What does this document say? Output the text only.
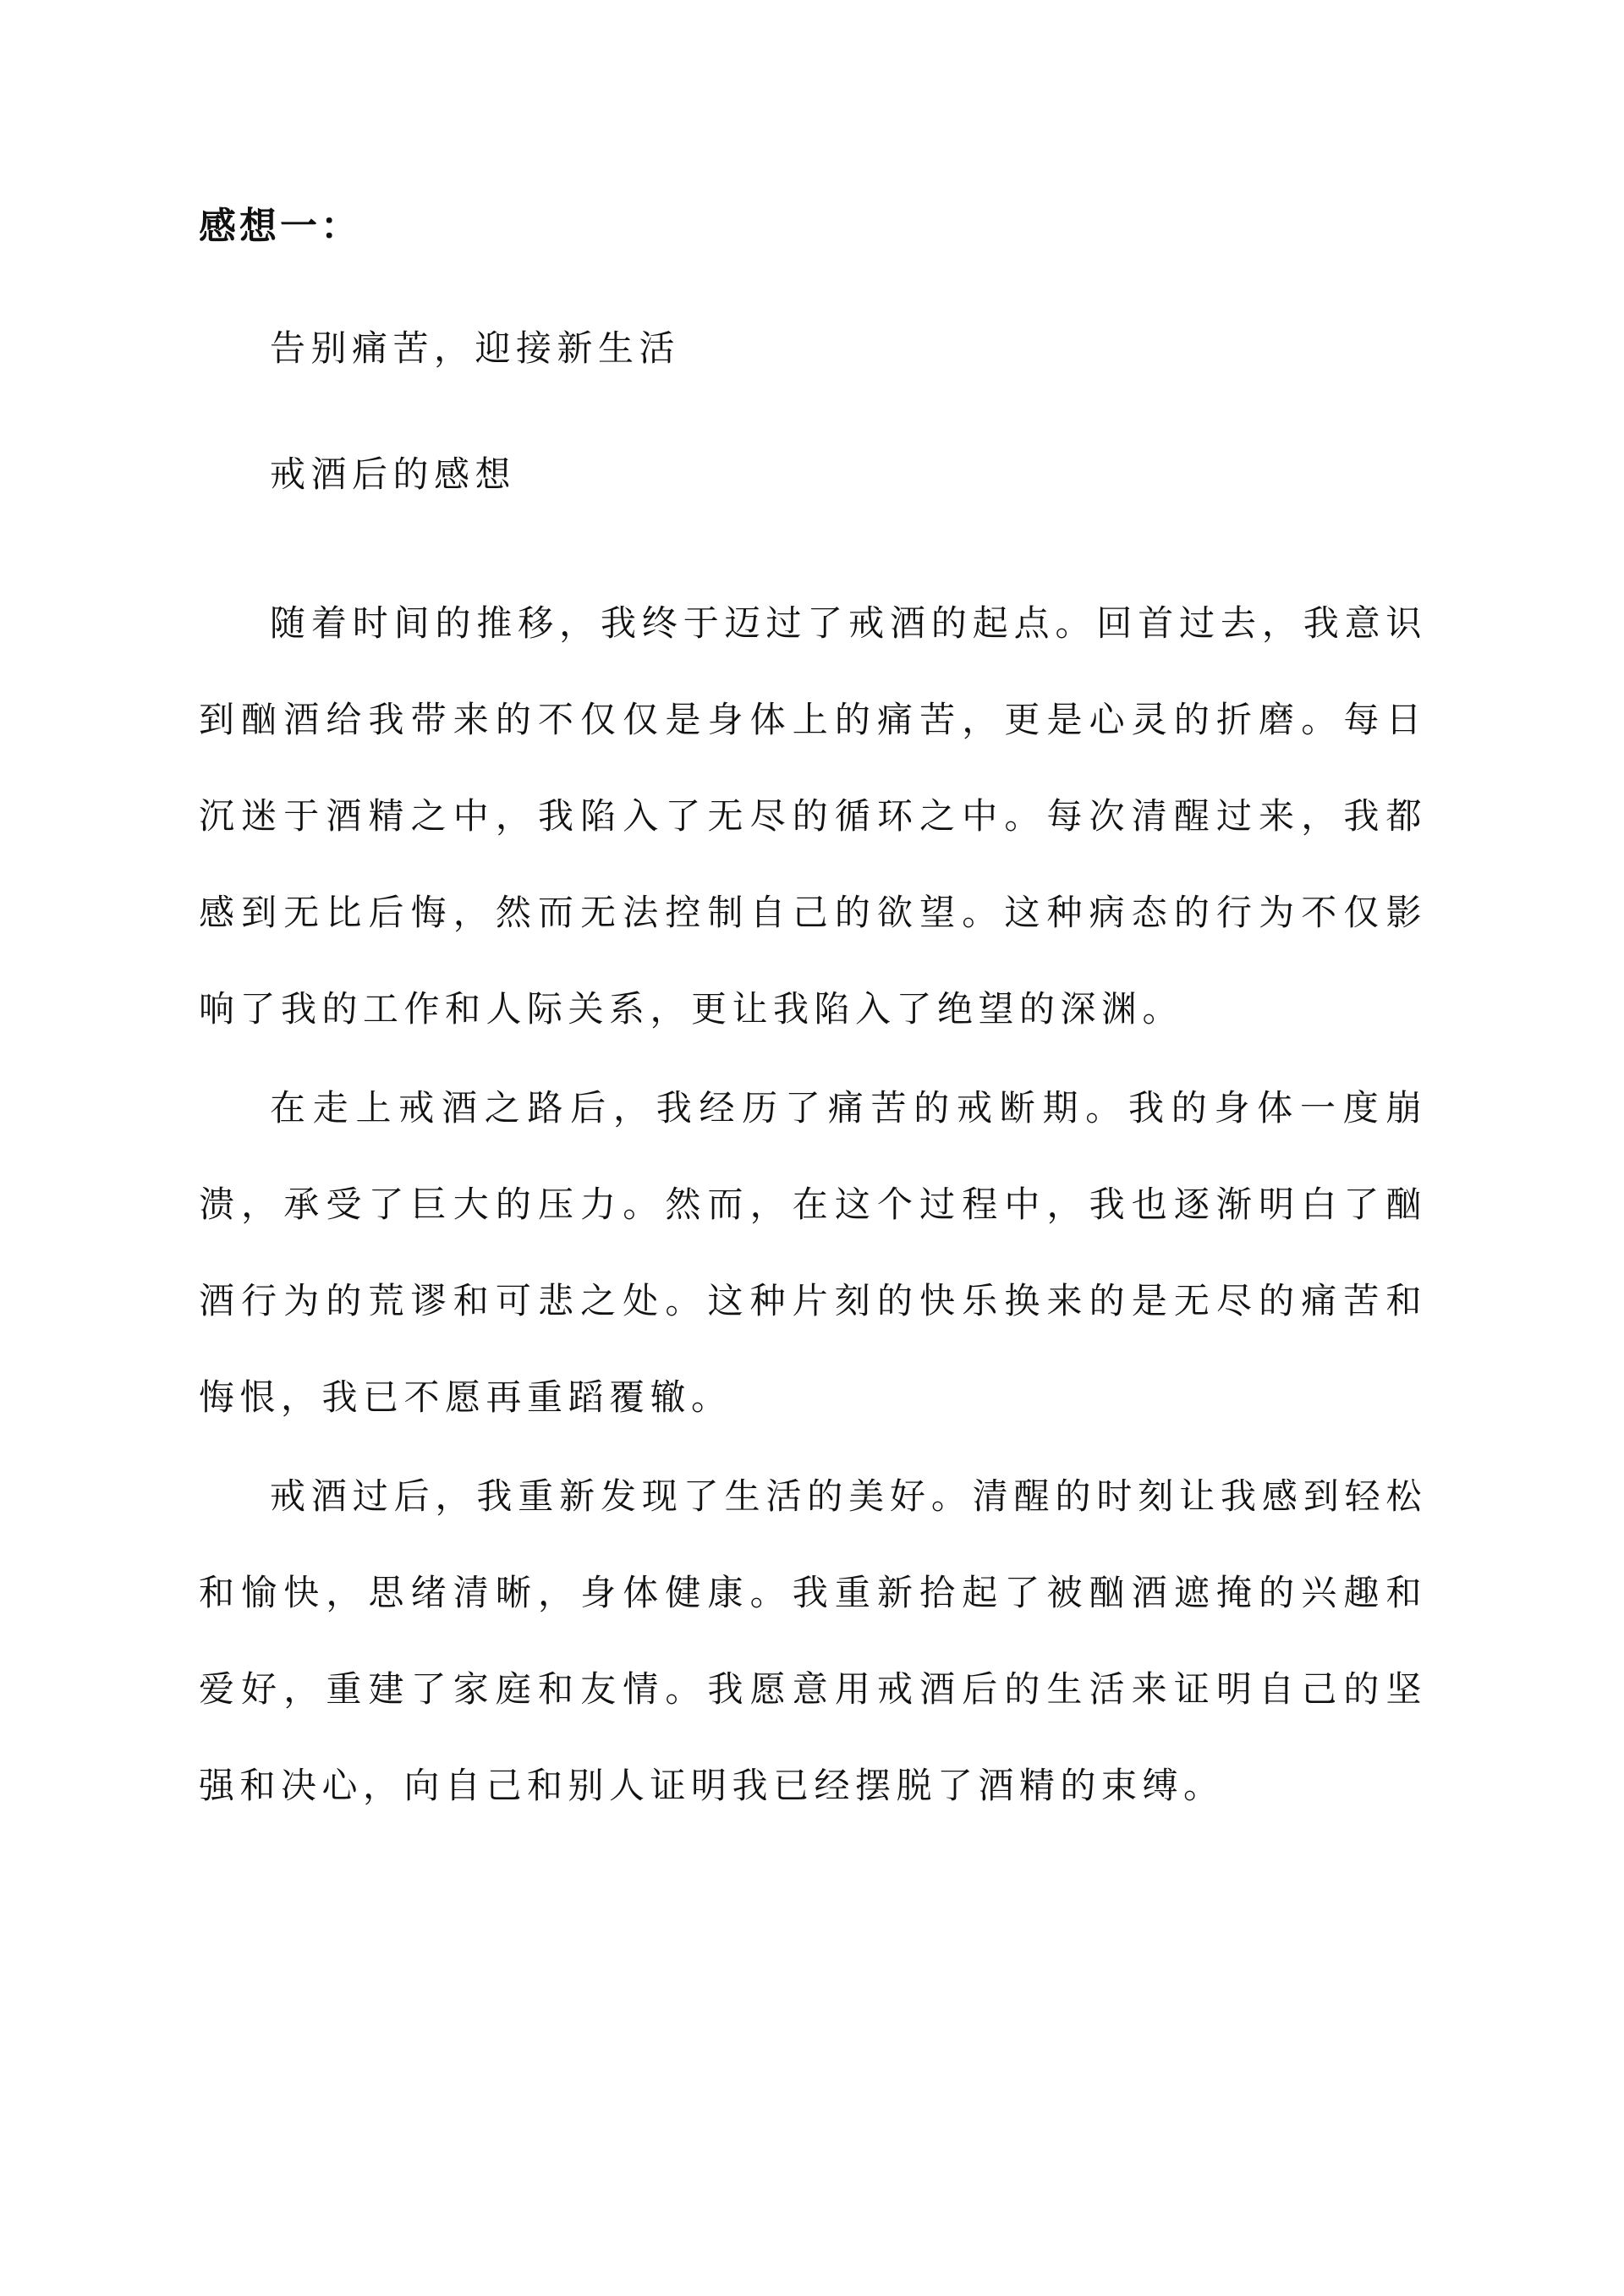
感想一：

告别痛苦，迎接新生活

戒酒后的感想

随着时间的推移，我终于迈过了戒酒的起点。回首过去，我意识到酗酒给我带来的不仅仅是身体上的痛苦，更是心灵的折磨。每日沉迷于酒精之中，我陷入了无尽的循环之中。每次清醒过来，我都感到无比后悔，然而无法控制自己的欲望。这种病态的行为不仅影响了我的工作和人际关系，更让我陷入了绝望的深渊。

在走上戒酒之路后，我经历了痛苦的戒断期。我的身体一度崩溃，承受了巨大的压力。然而，在这个过程中，我也逐渐明白了酗酒行为的荒谬和可悲之处。这种片刻的快乐换来的是无尽的痛苦和悔恨，我已不愿再重蹈覆辙。

戒酒过后，我重新发现了生活的美好。清醒的时刻让我感到轻松和愉快，思绪清晰，身体健康。我重新拾起了被酗酒遮掩的兴趣和爱好，重建了家庭和友情。我愿意用戒酒后的生活来证明自己的坚强和决心，向自己和别人证明我已经摆脱了酒精的束缚。
